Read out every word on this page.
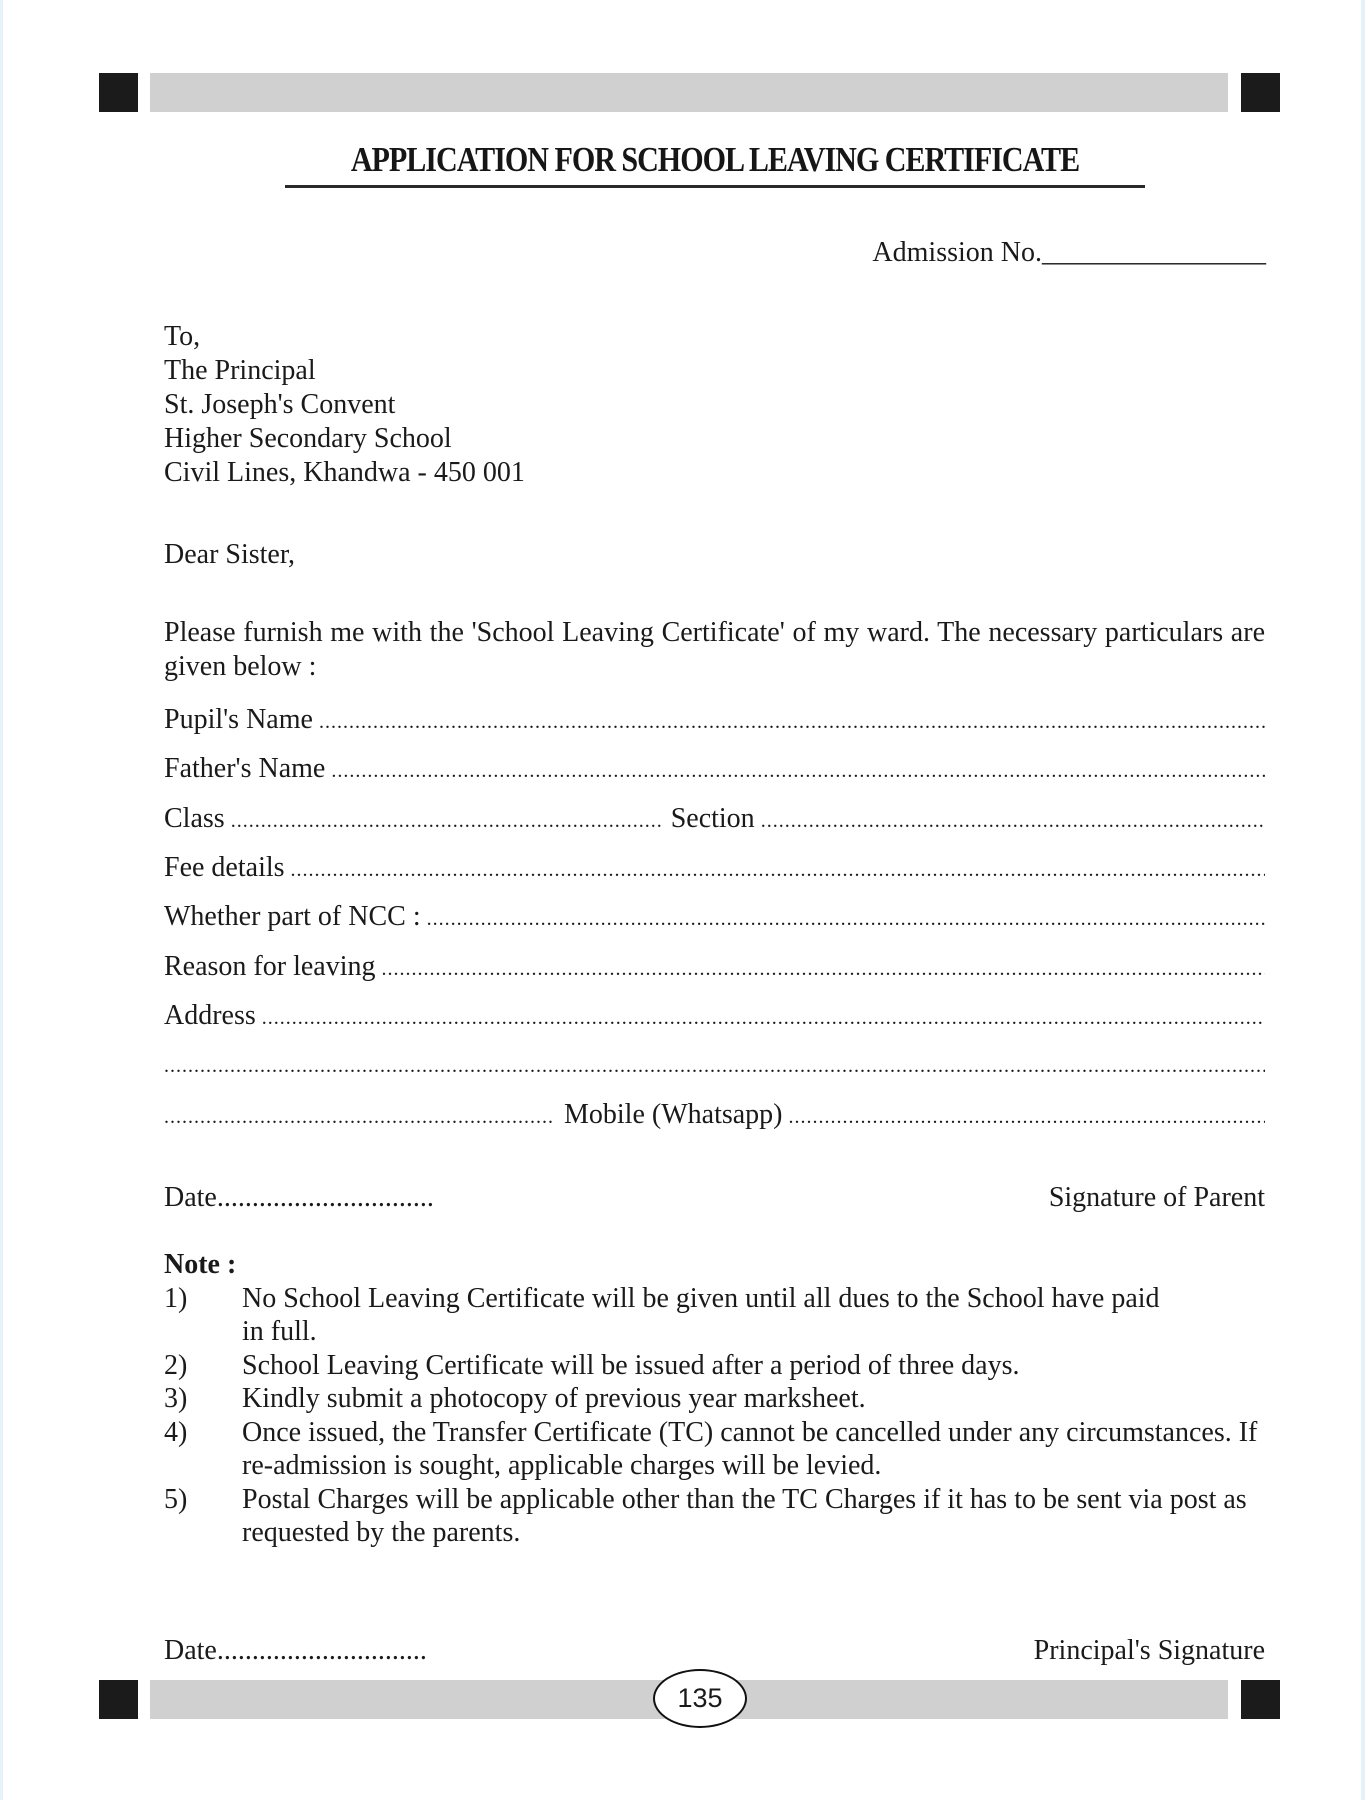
APPLICATION FOR SCHOOL LEAVING CERTIFICATE
Admission No.________________
To,
The Principal
St. Joseph's Convent
Higher Secondary School
Civil Lines, Khandwa - 450 001
Dear Sister,
Please furnish me with the 'School Leaving Certificate' of my ward. The necessary particulars are given below :
Pupil's Name
.....
Father's Name
.....
Class .....	Section
.....
Fee details
.....
Whether part of NCC :
.....
Reason for leaving
.....
Address
.....
.....
.....
Mobile (Whatsapp)
.....
Date...............................	Signature of Parent
Note :
1)	No School Leaving Certificate will be given until all dues to the School have paid in full.
2)	School Leaving Certificate will be issued after a period of three days.
3)	Kindly submit a photocopy of previous year marksheet.
4)	Once issued, the Transfer Certificate (TC) cannot be cancelled under any circumstances. If re-admission is sought, applicable charges will be levied.
5)	Postal Charges will be applicable other than the TC Charges if it has to be sent via post as requested by the parents.
Date..............................	Principal's Signature
135
